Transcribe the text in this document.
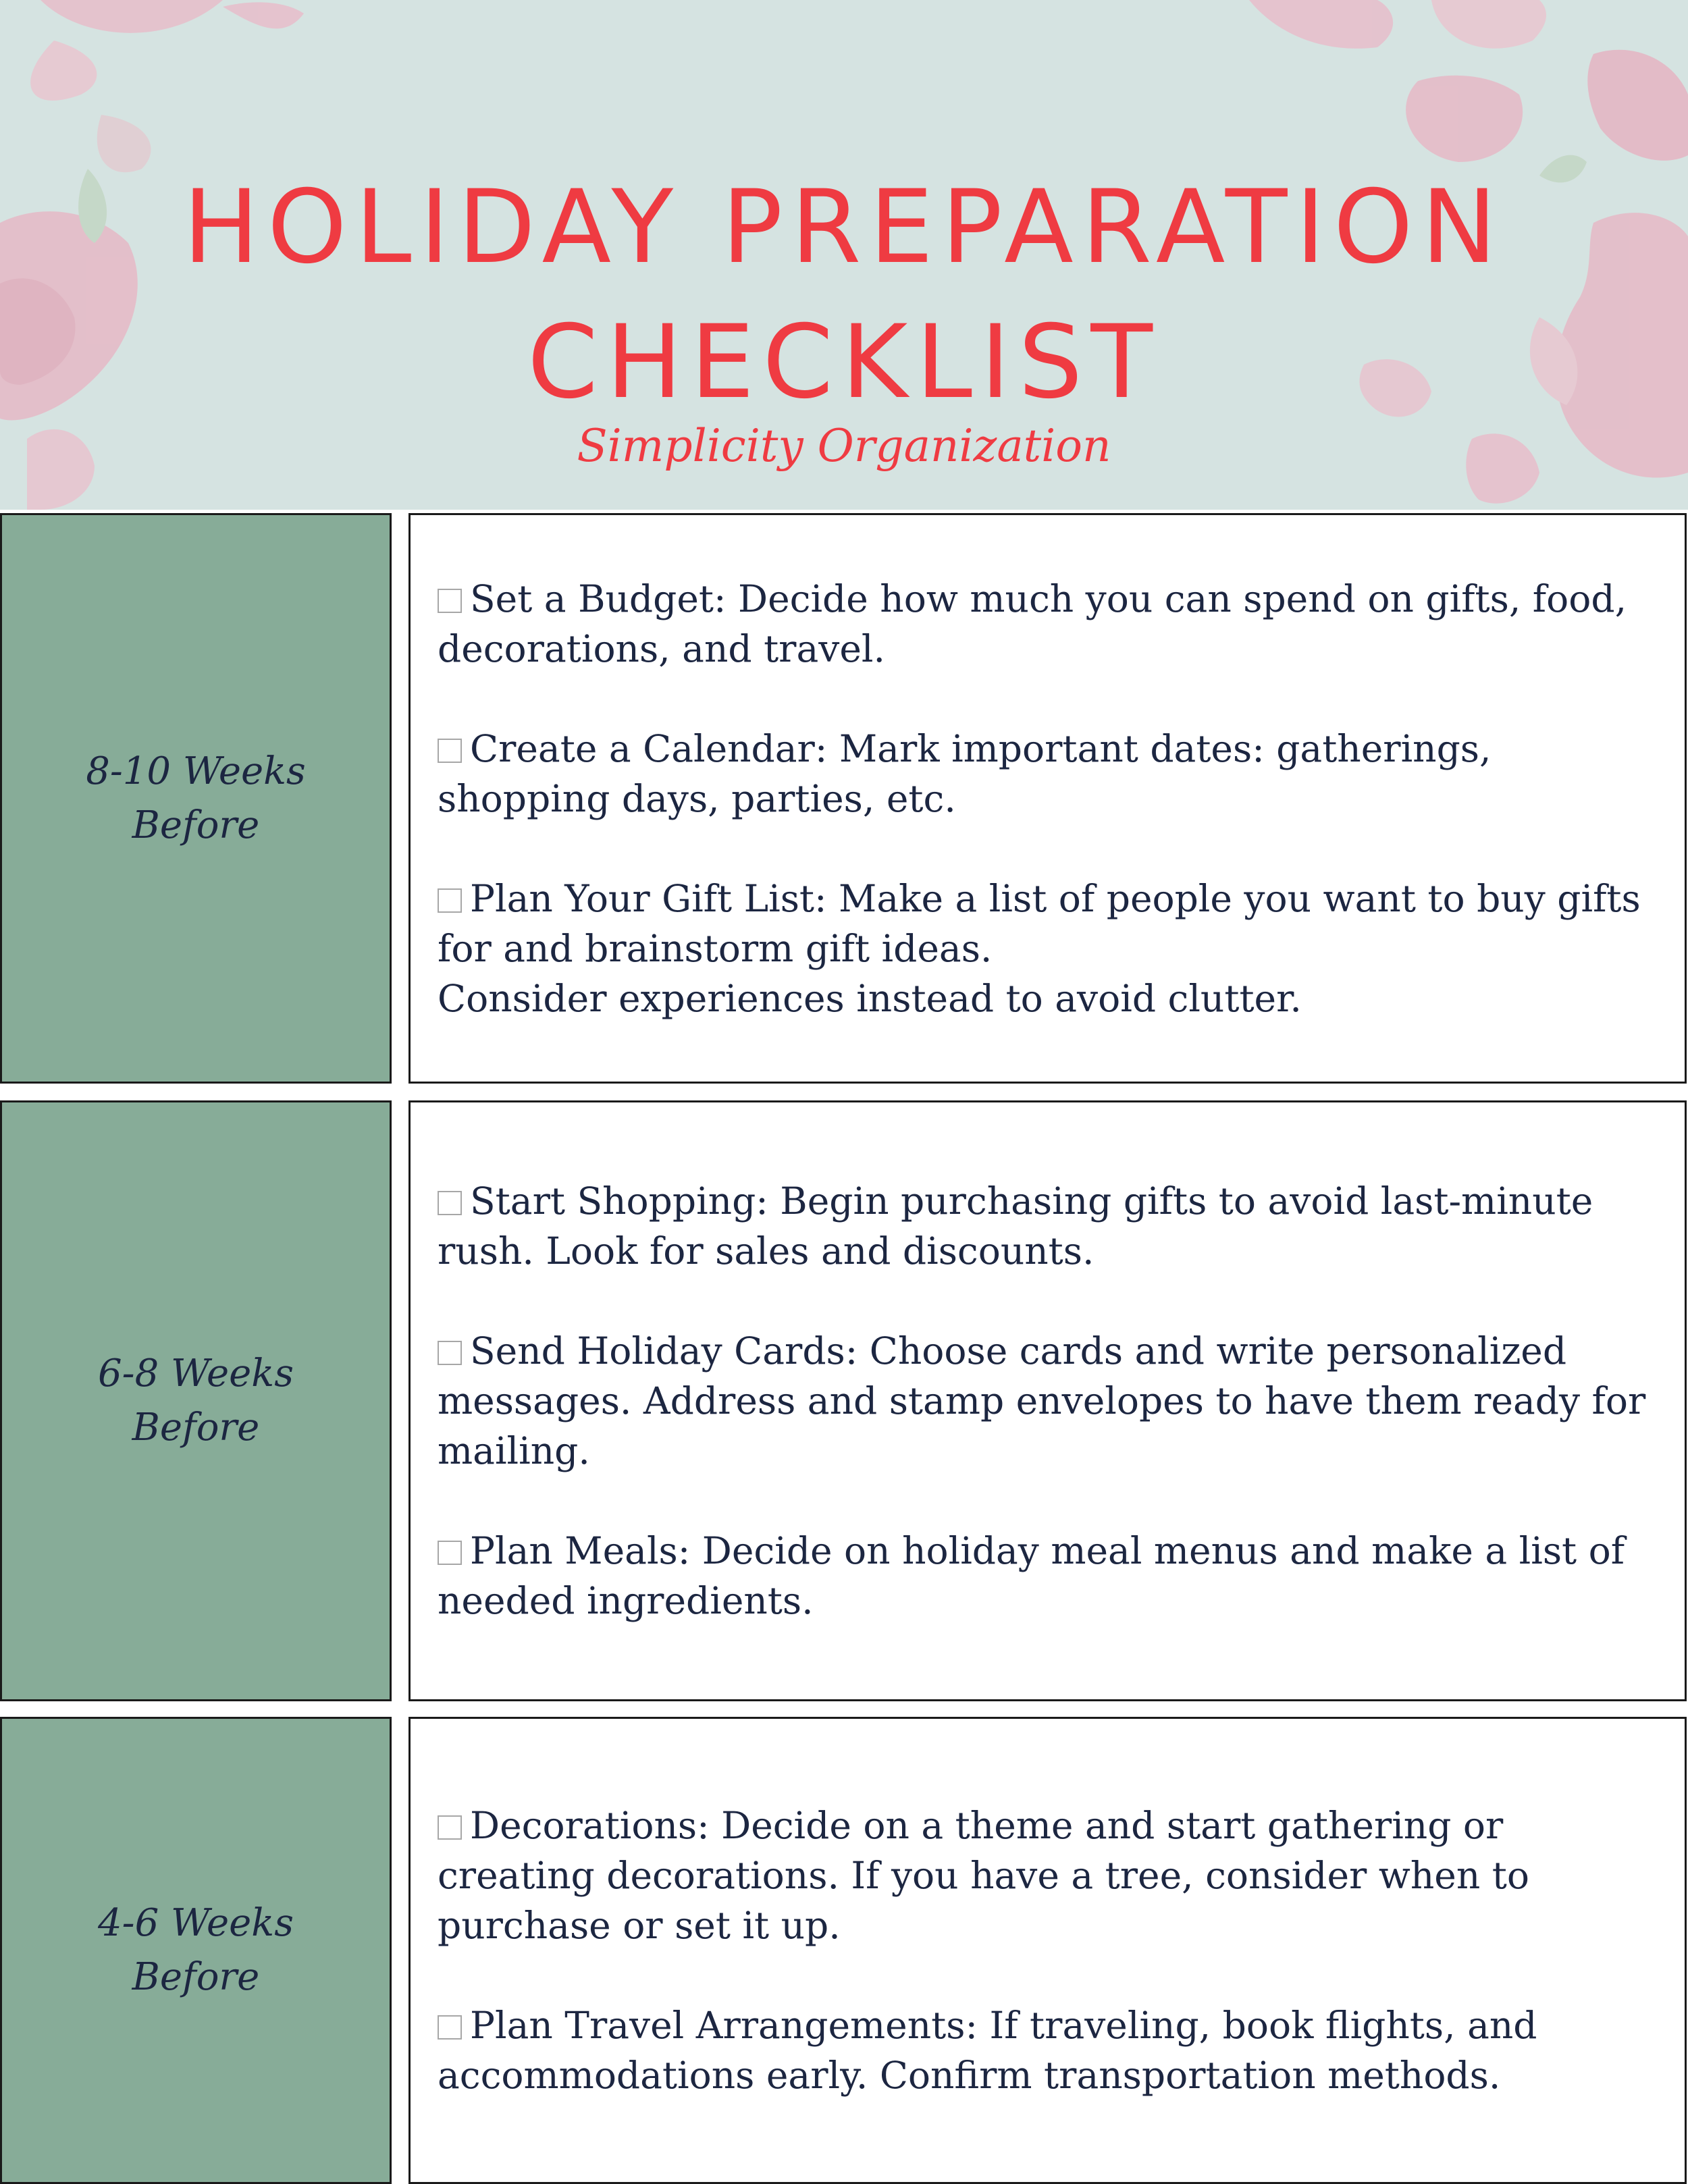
HOLIDAY PREPARATION
CHECKLIST
Simplicity Organization
8-10 Weeks Before

Set a Budget: Decide how much you can spend on gifts, food, decorations, and travel.

Create a Calendar: Mark important dates: gatherings, shopping days, parties, etc.

Plan Your Gift List: Make a list of people you want to buy gifts for and brainstorm gift ideas.
Consider experiences instead to avoid clutter.

6-8 Weeks Before

Start Shopping: Begin purchasing gifts to avoid last-minute rush. Look for sales and discounts.

Send Holiday Cards: Choose cards and write personalized messages. Address and stamp envelopes to have them ready for mailing.

Plan Meals: Decide on holiday meal menus and make a list of needed ingredients.

4-6 Weeks Before

Decorations: Decide on a theme and start gathering or creating decorations. If you have a tree, consider when to purchase or set it up.

Plan Travel Arrangements: If traveling, book flights, and accommodations early. Confirm transportation methods.
